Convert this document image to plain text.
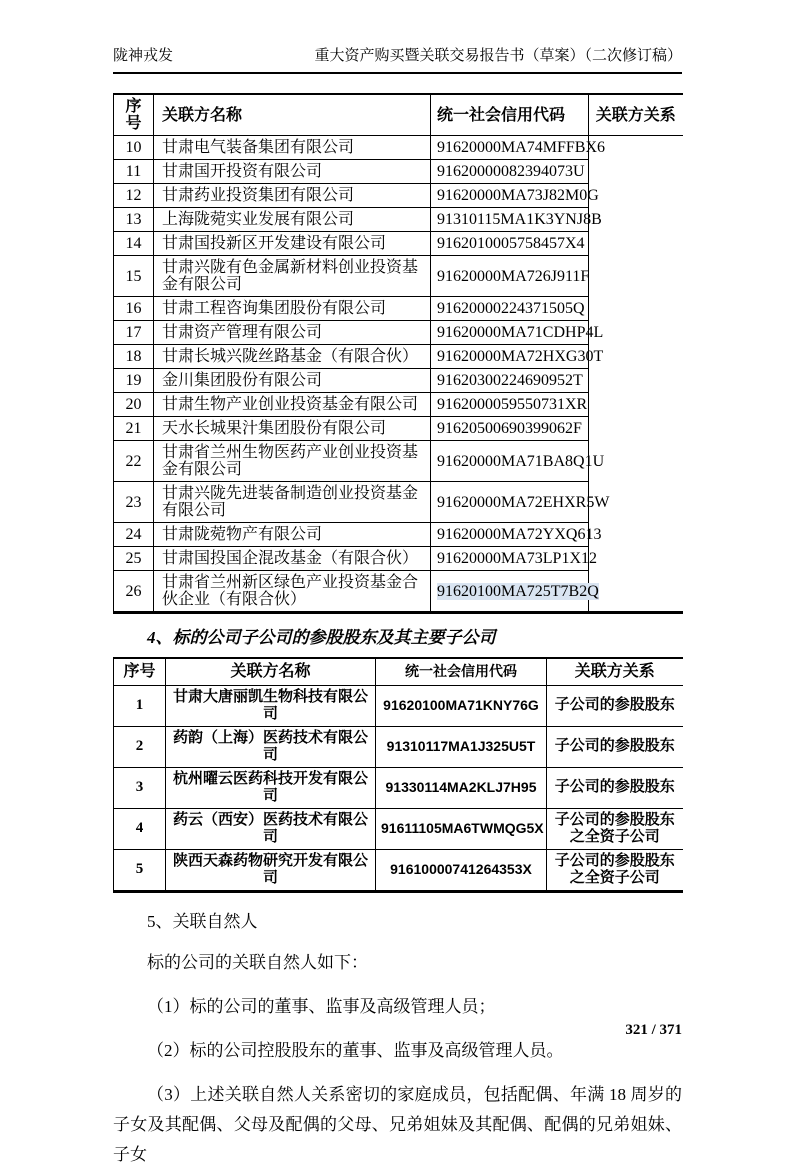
陇神戎发	重大资产购买暨关联交易报告书（草案）（二次修订稿）
序号	关联方名称	统一社会信用代码	关联方关系
10	甘肃电气装备集团有限公司	91620000MA74MFFBX6	
11	甘肃国开投资有限公司	91620000082394073U	
12	甘肃药业投资集团有限公司	91620000MA73J82M0G	
13	上海陇菀实业发展有限公司	91310115MA1K3YNJ8B	
14	甘肃国投新区开发建设有限公司	9162010005758457X4	
15	甘肃兴陇有色金属新材料创业投资基金有限公司	91620000MA726J911F	
16	甘肃工程咨询集团股份有限公司	91620000224371505Q	
17	甘肃资产管理有限公司	91620000MA71CDHP4L	
18	甘肃长城兴陇丝路基金（有限合伙）	91620000MA72HXG30T	
19	金川集团股份有限公司	91620300224690952T	
20	甘肃生物产业创业投资基金有限公司	9162000059550731XR	
21	天水长城果汁集团股份有限公司	91620500690399062F	
22	甘肃省兰州生物医药产业创业投资基金有限公司	91620000MA71BA8Q1U	
23	甘肃兴陇先进装备制造创业投资基金有限公司	91620000MA72EHXR5W	
24	甘肃陇菀物产有限公司	91620000MA72YXQ613	
25	甘肃国投国企混改基金（有限合伙）	91620000MA73LP1X12	
26	甘肃省兰州新区绿色产业投资基金合伙企业（有限合伙）	91620100MA725T7B2Q	
4、标的公司子公司的参股股东及其主要子公司
序号	关联方名称	统一社会信用代码	关联方关系
1	甘肃大唐丽凯生物科技有限公司	91620100MA71KNY76G	子公司的参股股东
2	药韵（上海）医药技术有限公司	91310117MA1J325U5T	子公司的参股股东
3	杭州曜云医药科技开发有限公司	91330114MA2KLJ7H95	子公司的参股股东
4	药云（西安）医药技术有限公司	91611105MA6TWMQG5X	子公司的参股股东之全资子公司
5	陕西天森药物研究开发有限公司	91610000741264353X	子公司的参股股东之全资子公司
5、关联自然人

标的公司的关联自然人如下：

（1）标的公司的董事、监事及高级管理人员；

（2）标的公司控股股东的董事、监事及高级管理人员。

（3）上述关联自然人关系密切的家庭成员，包括配偶、年满 18 周岁的子女及其配偶、父母及配偶的父母、兄弟姐妹及其配偶、配偶的兄弟姐妹、子女

321 / 371
